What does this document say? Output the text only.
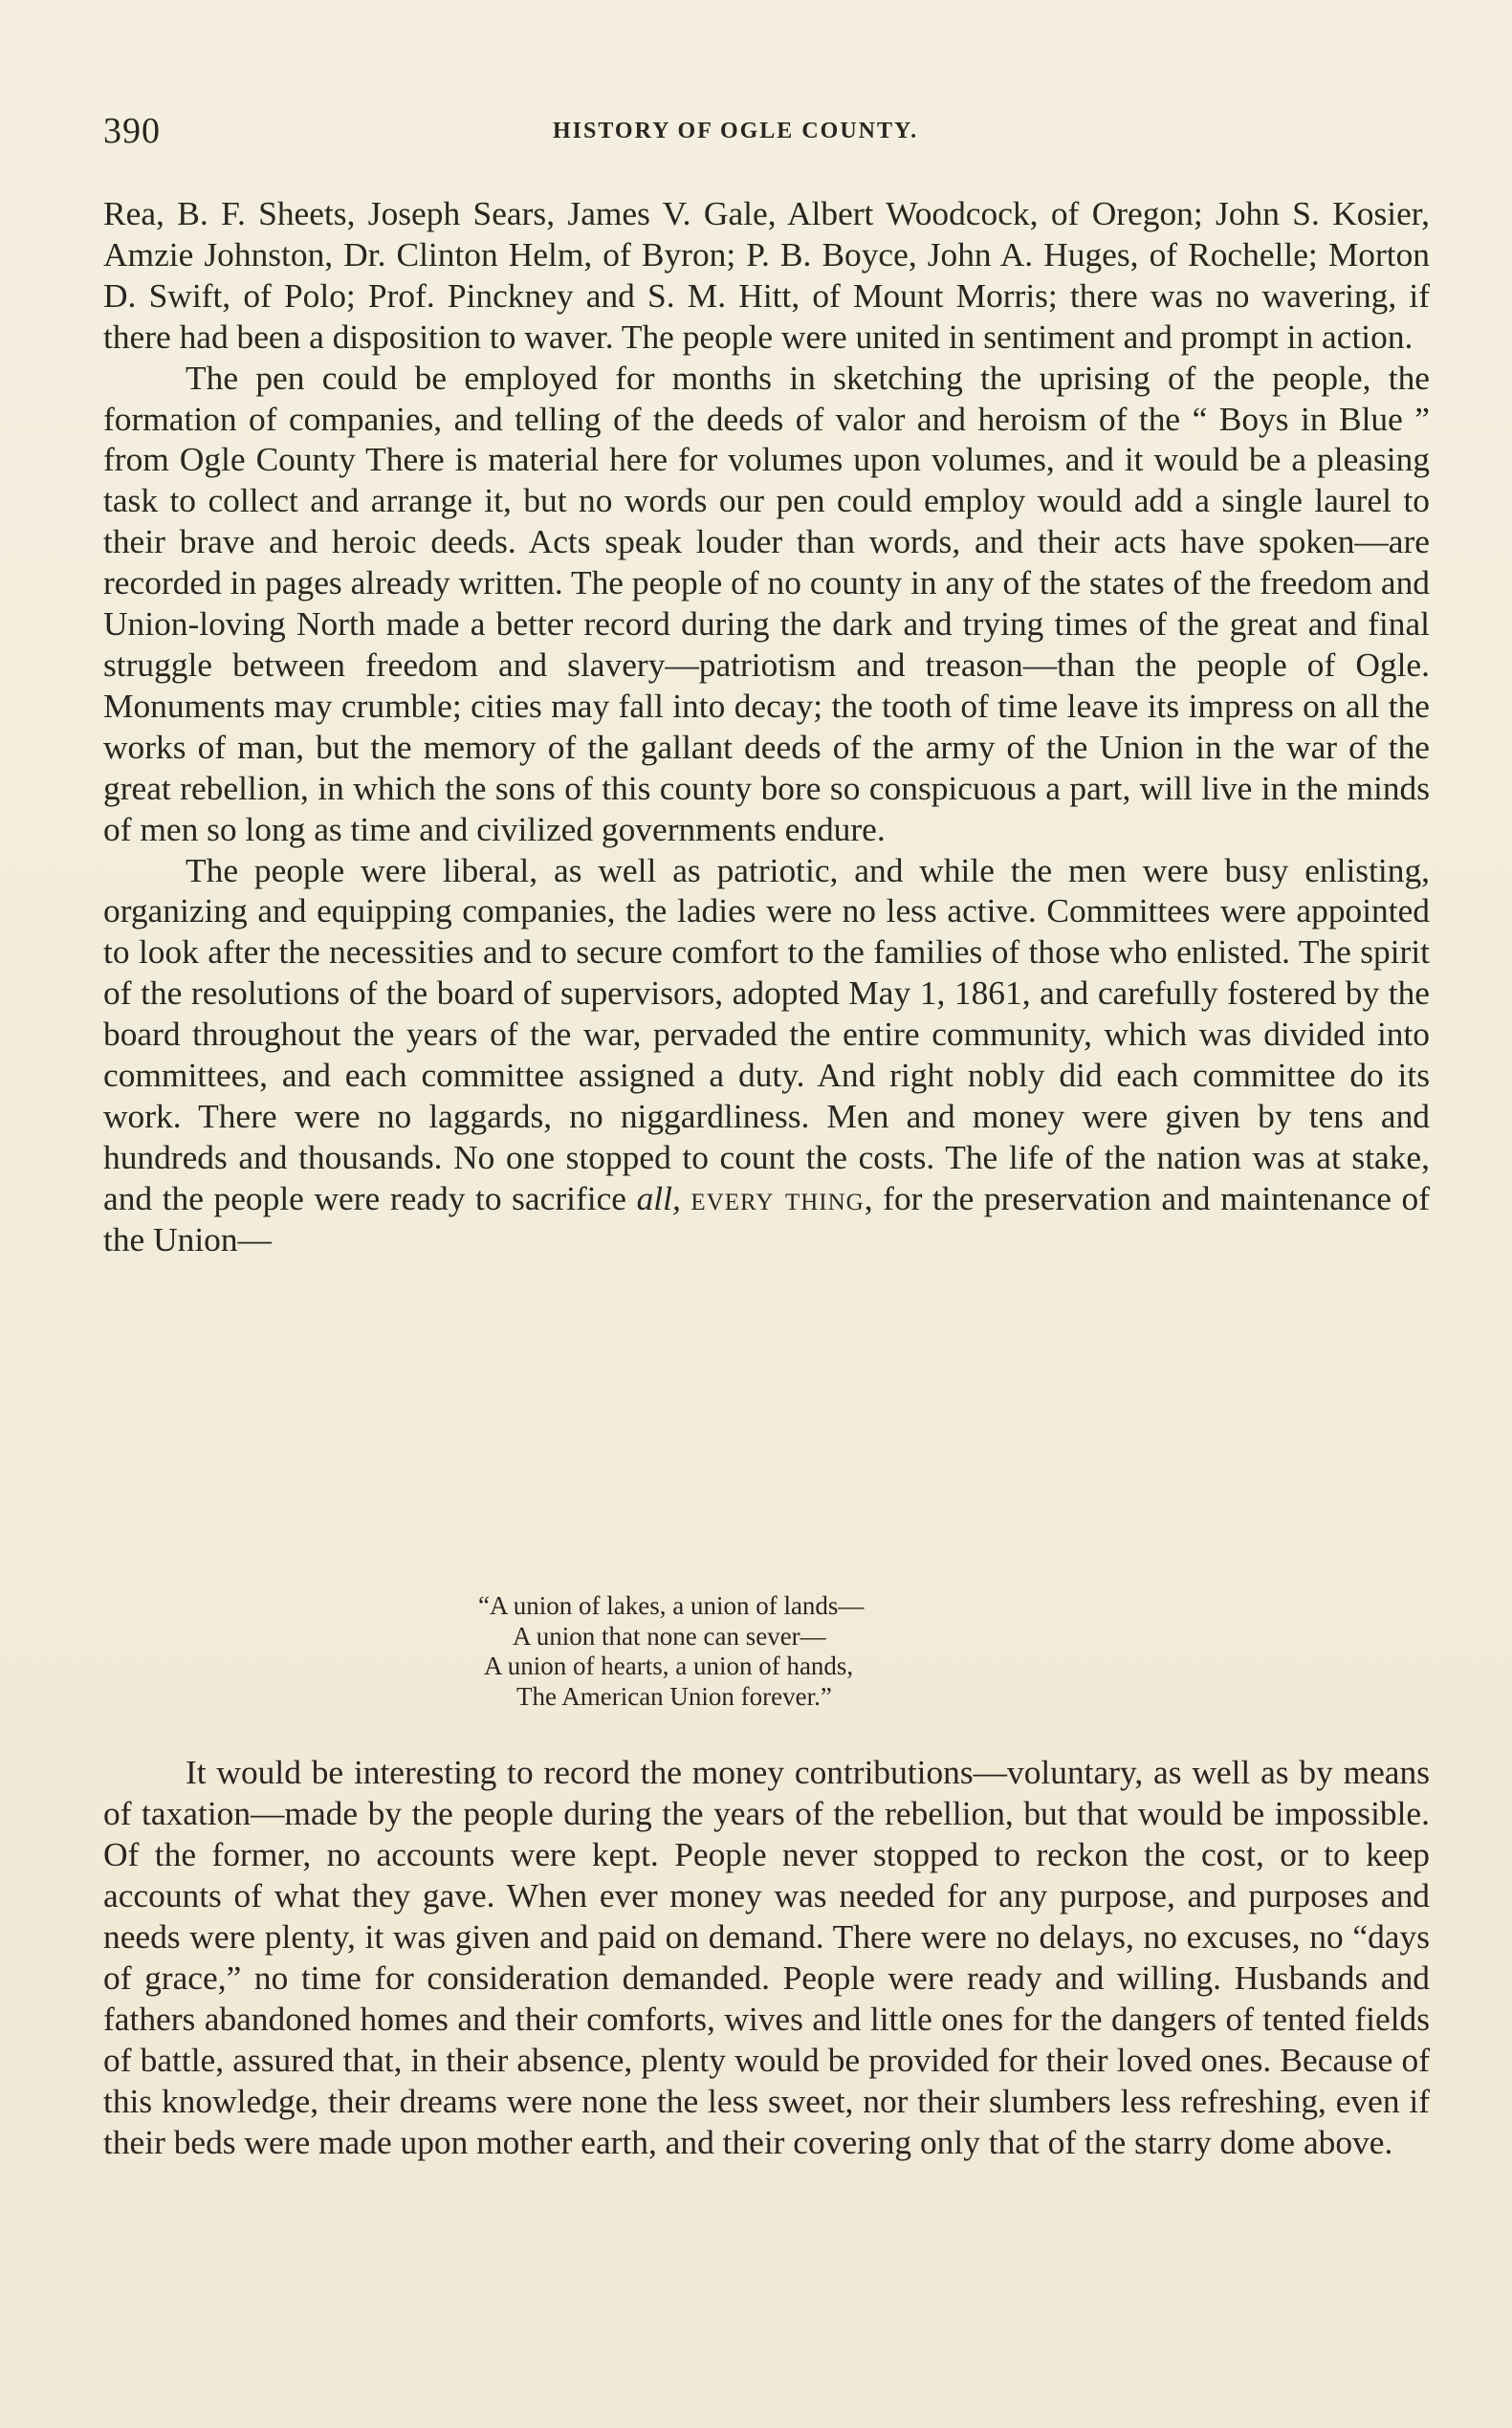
390	HISTORY OF OGLE COUNTY.

Rea, B. F. Sheets, Joseph Sears, James V. Gale, Albert Woodcock, of Oregon; John S. Kosier, Amzie Johnston, Dr. Clinton Helm, of Byron; P. B. Boyce, John A. Huges, of Rochelle; Morton D. Swift, of Polo; Prof. Pinckney and S. M. Hitt, of Mount Morris; there was no wavering, if there had been a disposition to waver. The people were united in sentiment and prompt in action.

The pen could be employed for months in sketching the uprising of the people, the formation of companies, and telling of the deeds of valor and heroism of the “ Boys in Blue ” from Ogle County There is material here for volumes upon volumes, and it would be a pleasing task to collect and arrange it, but no words our pen could employ would add a single laurel to their brave and heroic deeds. Acts speak louder than words, and their acts have spoken—are recorded in pages already written. The people of no county in any of the states of the freedom and Union-loving North made a better record during the dark and trying times of the great and final struggle between freedom and slavery—patriotism and treason—than the people of Ogle. Monuments may crumble; cities may fall into decay; the tooth of time leave its impress on all the works of man, but the memory of the gallant deeds of the army of the Union in the war of the great rebellion, in which the sons of this county bore so conspicuous a part, will live in the minds of men so long as time and civilized governments endure.

The people were liberal, as well as patriotic, and while the men were busy enlisting, organizing and equipping companies, the ladies were no less active. Committees were appointed to look after the necessities and to secure comfort to the families of those who enlisted. The spirit of the resolutions of the board of supervisors, adopted May 1, 1861, and carefully fostered by the board throughout the years of the war, pervaded the entire community, which was divided into committees, and each committee assigned a duty. And right nobly did each committee do its work. There were no laggards, no niggardliness. Men and money were given by tens and hundreds and thousands. No one stopped to count the costs. The life of the nation was at stake, and the people were ready to sacrifice all, every thing, for the preservation and maintenance of the Union—

“A union of lakes, a union of lands—
A union that none can sever—
A union of hearts, a union of hands,
The American Union forever.”

It would be interesting to record the money contributions—voluntary, as well as by means of taxation—made by the people during the years of the rebellion, but that would be impossible. Of the former, no accounts were kept. People never stopped to reckon the cost, or to keep accounts of what they gave. When ever money was needed for any purpose, and purposes and needs were plenty, it was given and paid on demand. There were no delays, no excuses, no “days of grace,” no time for consideration demanded. People were ready and willing. Husbands and fathers abandoned homes and their comforts, wives and little ones for the dangers of tented fields of battle, assured that, in their absence, plenty would be provided for their loved ones. Because of this knowledge, their dreams were none the less sweet, nor their slumbers less refreshing, even if their beds were made upon mother earth, and their covering only that of the starry dome above.
